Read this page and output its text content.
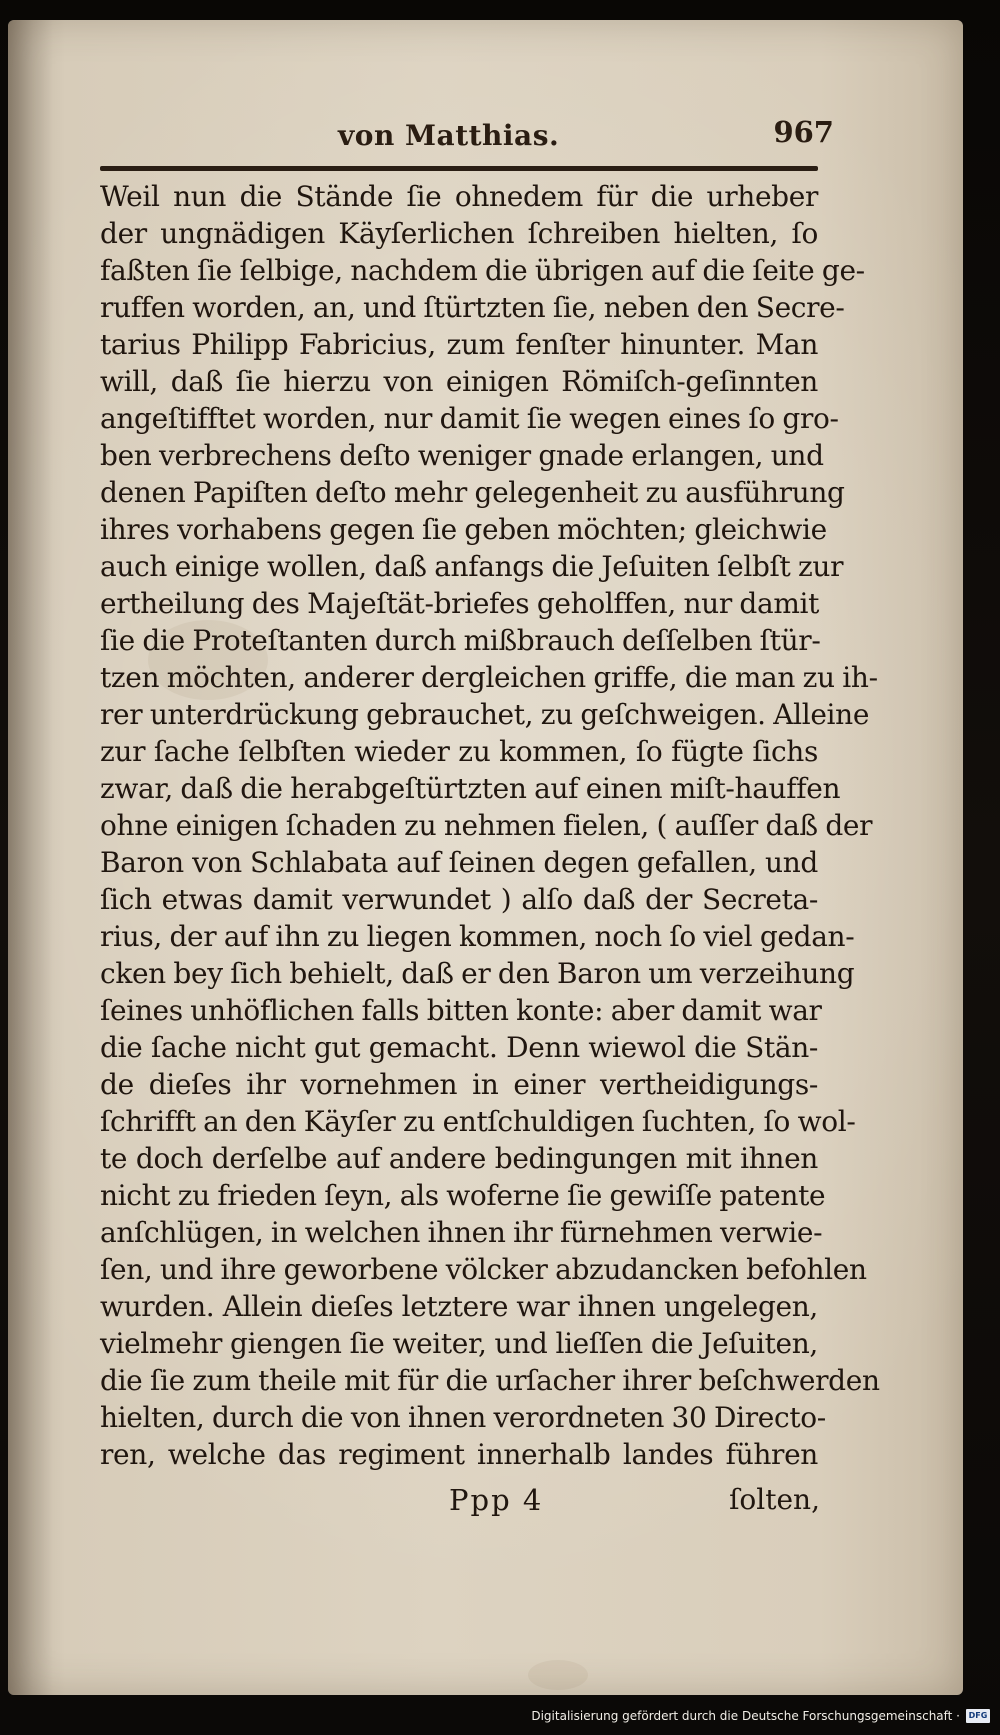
von Matthias.	967
Weil nun die Stände ſie ohnedem für die urheber
der ungnädigen Käyſerlichen ſchreiben hielten, ſo
faßten ſie ſelbige, nachdem die übrigen auf die ſeite ge-
ruffen worden, an, und ſtürtzten ſie, neben den Secre-
tarius Philipp Fabricius, zum fenſter hinunter. Man
will, daß ſie hierzu von einigen Römiſch-geſinnten
angeſtifftet worden, nur damit ſie wegen eines ſo gro-
ben verbrechens deſto weniger gnade erlangen, und
denen Papiſten deſto mehr gelegenheit zu ausführung
ihres vorhabens gegen ſie geben möchten; gleichwie
auch einige wollen, daß anfangs die Jeſuiten ſelbſt zur
ertheilung des Majeſtät-briefes geholffen, nur damit
ſie die Proteſtanten durch mißbrauch deſſelben ſtür-
tzen möchten, anderer dergleichen griffe, die man zu ih-
rer unterdrückung gebrauchet, zu geſchweigen. Alleine
zur ſache ſelbſten wieder zu kommen, ſo fügte ſichs
zwar, daß die herabgeſtürtzten auf einen miſt-hauffen
ohne einigen ſchaden zu nehmen fielen, ( auſſer daß der
Baron von Schlabata auf ſeinen degen gefallen, und
ſich etwas damit verwundet ) alſo daß der Secreta-
rius, der auf ihn zu liegen kommen, noch ſo viel gedan-
cken bey ſich behielt, daß er den Baron um verzeihung
ſeines unhöflichen falls bitten konte: aber damit war
die ſache nicht gut gemacht. Denn wiewol die Stän-
de dieſes ihr vornehmen in einer vertheidigungs-
ſchrifft an den Käyſer zu entſchuldigen ſuchten, ſo wol-
te doch derſelbe auf andere bedingungen mit ihnen
nicht zu frieden ſeyn, als woferne ſie gewiſſe patente
anſchlügen, in welchen ihnen ihr fürnehmen verwie-
ſen, und ihre geworbene völcker abzudancken befohlen
wurden. Allein dieſes letztere war ihnen ungelegen,
vielmehr giengen ſie weiter, und lieſſen die Jeſuiten,
die ſie zum theile mit für die urſacher ihrer beſchwerden
hielten, durch die von ihnen verordneten 30 Directo-
ren, welche das regiment innerhalb landes führen
Ppp 4	ſolten,
Digitalisierung gefördert durch die Deutsche Forschungsgemeinschaft ·	DFG
